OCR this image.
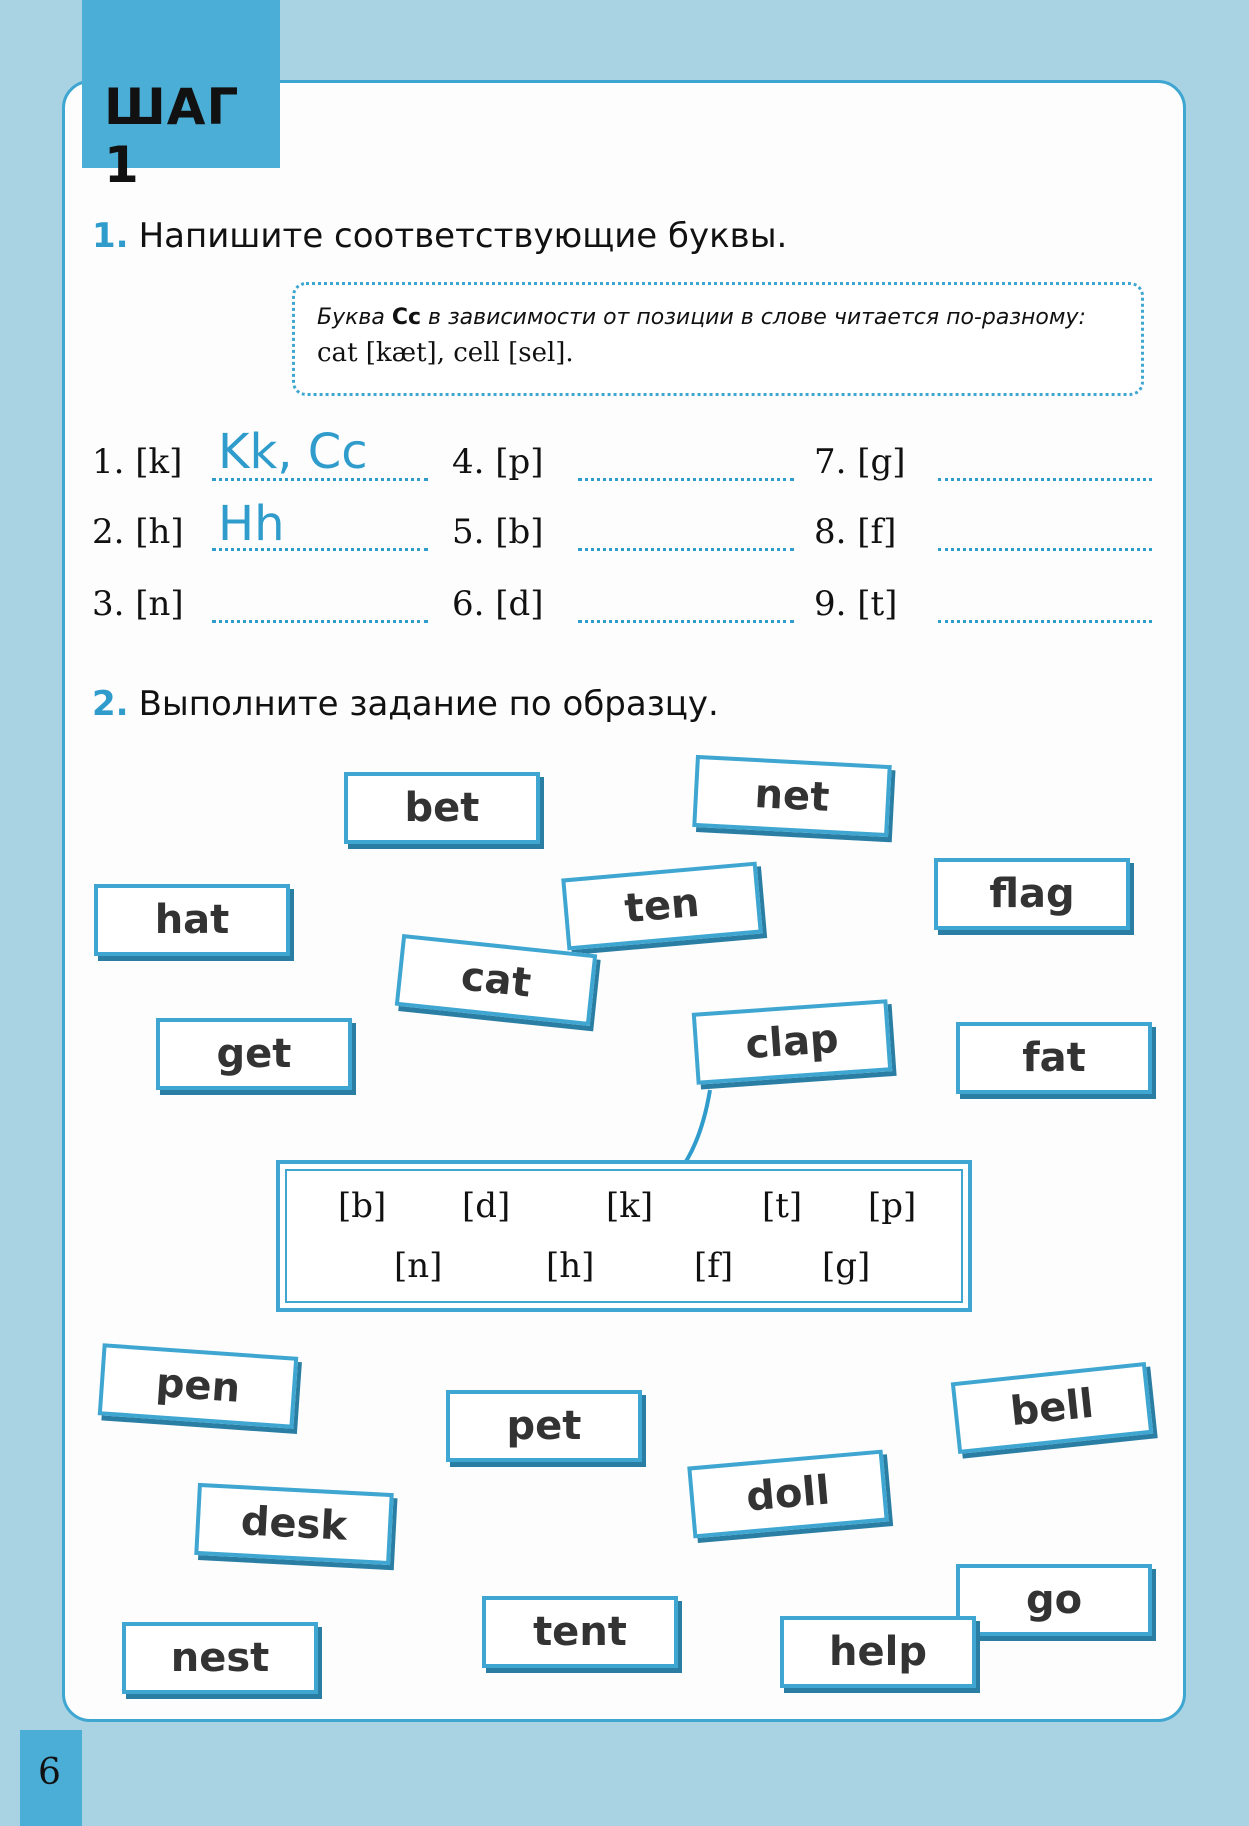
ШАГ 1
1. Напишите соответствующие буквы.
Буква Cc в зависимости от позиции в слове читается по-разному:
cat [kæt], cell [sel].
1. [k] Kk, Cc
2. [h] Hh
3. [n]
4. [p]
5. [b]
6. [d]
7. [g]
8. [f]
9. [t]
2. Выполните задание по образцу.
bet	net
hat	ten	flag
cat
get	clap	fat
pen
pet	bell
desk
doll
go
nest
tent	help
[b] [d]	[k]	[t] [p]
[n]	[h]	[f]	[g]
6
